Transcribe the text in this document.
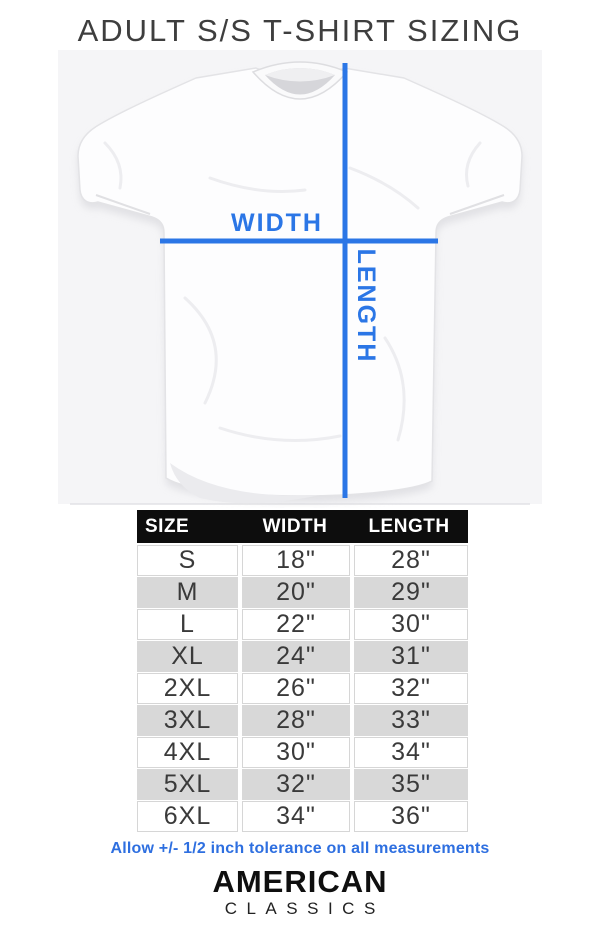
ADULT S/S T-SHIRT SIZING
WIDTH
LENGTH
SIZE	WIDTH	LENGTH
S	18"	28"
M	20"	29"
L	22"	30"
XL	24"	31"
2XL	26"	32"
3XL	28"	33"
4XL	30"	34"
5XL	32"	35"
6XL	34"	36"
Allow +/- 1/2 inch tolerance on all measurements
AMERICAN
CLASSICS
